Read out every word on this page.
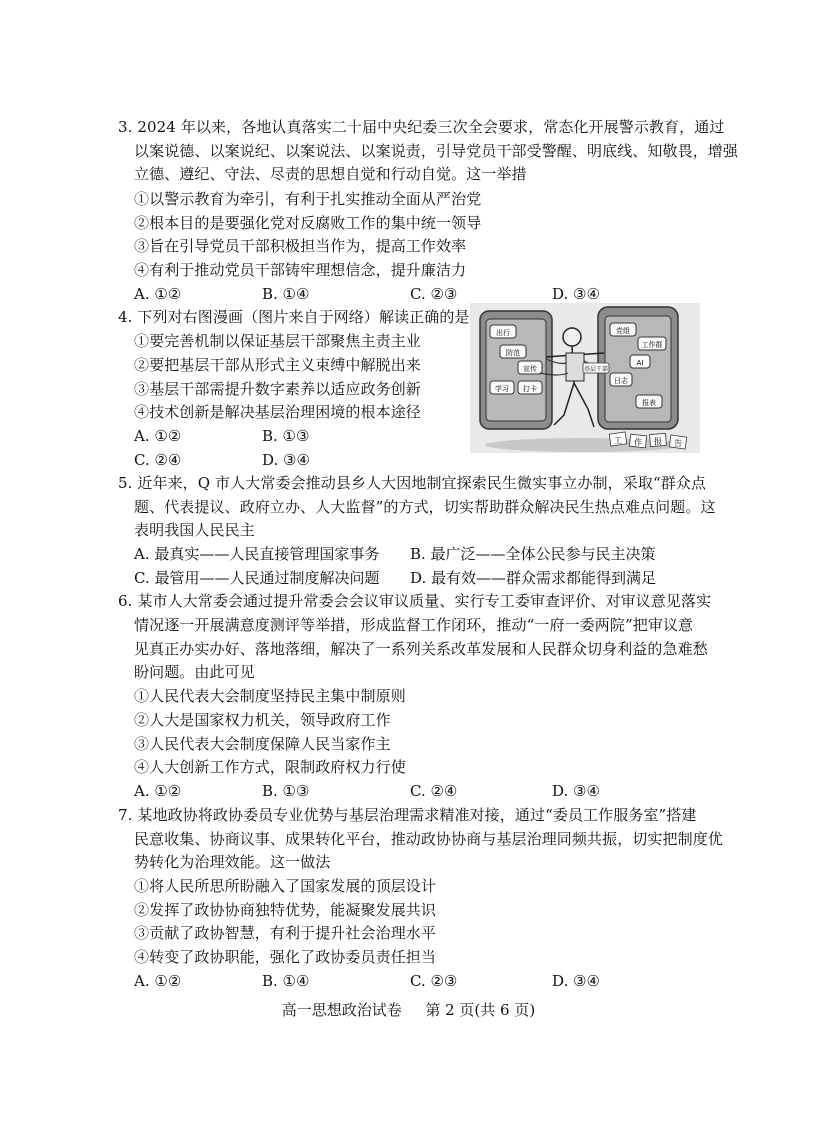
3. 2024 年以来，各地认真落实二十届中央纪委三次全会要求，常态化开展警示教育，通过
以案说德、以案说纪、以案说法、以案说责，引导党员干部受警醒、明底线、知敬畏，增强
立德、遵纪、守法、尽责的思想自觉和行动自觉。这一举措
①以警示教育为牵引，有利于扎实推动全面从严治党
②根本目的是要强化党对反腐败工作的集中统一领导
③旨在引导党员干部积极担当作为，提高工作效率
④有利于推动党员干部铸牢理想信念，提升廉洁力
A. ①②	B. ①④	C. ②③	D. ③④
4. 下列对右图漫画（图片来自于网络）解读正确的是
①要完善机制以保证基层干部聚焦主责主业
②要把基层干部从形式主义束缚中解脱出来
③基层干部需提升数字素养以适应政务创新
④技术创新是解决基层治理困境的根本途径
A. ①②	B. ①③
C. ②④	D. ③④
出行
防范
宣传
学习 打卡
党组
工作群
AI
日志
报表
基层干部
工 作 报 告
5. 近年来，Q 市人大常委会推动县乡人大因地制宜探索民生微实事立办制，采取“群众点
题、代表提议、政府立办、人大监督”的方式，切实帮助群众解决民生热点难点问题。这
表明我国人民民主
A. 最真实——人民直接管理国家事务 B. 最广泛——全体公民参与民主决策
C. 最管用——人民通过制度解决问题 D. 最有效——群众需求都能得到满足
6. 某市人大常委会通过提升常委会会议审议质量、实行专工委审查评价、对审议意见落实
情况逐一开展满意度测评等举措，形成监督工作闭环，推动“一府一委两院”把审议意
见真正办实办好、落地落细，解决了一系列关系改革发展和人民群众切身利益的急难愁
盼问题。由此可见
①人民代表大会制度坚持民主集中制原则
②人大是国家权力机关，领导政府工作
③人民代表大会制度保障人民当家作主
④人大创新工作方式，限制政府权力行使
A. ①②	B. ①③	C. ②④	D. ③④
7. 某地政协将政协委员专业优势与基层治理需求精准对接，通过“委员工作服务室”搭建
民意收集、协商议事、成果转化平台，推动政协协商与基层治理同频共振，切实把制度优
势转化为治理效能。这一做法
①将人民所思所盼融入了国家发展的顶层设计
②发挥了政协协商独特优势，能凝聚发展共识
③贡献了政协智慧，有利于提升社会治理水平
④转变了政协职能，强化了政协委员责任担当
A. ①②	B. ①④	C. ②③	D. ③④
高一思想政治试卷 第 2 页(共 6 页)
